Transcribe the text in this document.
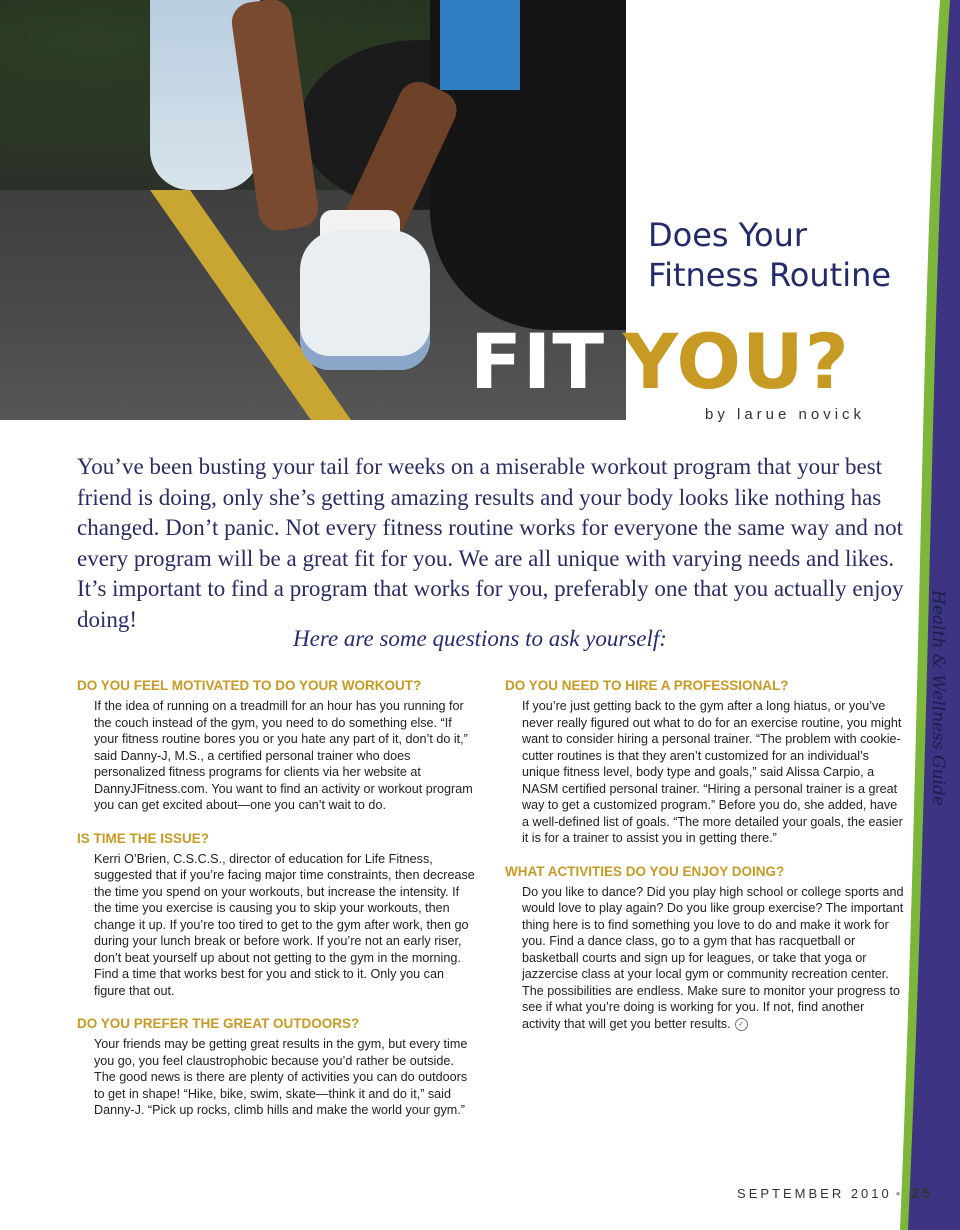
Does Your
Fitness Routine
FIT YOU?
by larue novick
You’ve been busting your tail for weeks on a miserable workout program that your best friend is doing, only she’s getting amazing results and your body looks like nothing has changed. Don’t panic. Not every fitness routine works for everyone the same way and not every program will be a great fit for you. We are all unique with varying needs and likes. It’s important to find a program that works for you, preferably one that you actually enjoy doing!
Here are some questions to ask yourself:
DO YOU FEEL MOTIVATED TO DO YOUR WORKOUT?

If the idea of running on a treadmill for an hour has you running for the couch instead of the gym, you need to do something else. “If your fitness routine bores you or you hate any part of it, don’t do it,” said Danny-J, M.S., a certified personal trainer who does personalized fitness programs for clients via her website at DannyJFitness.com. You want to find an activity or workout program you can get excited about—one you can’t wait to do.

IS TIME THE ISSUE?

Kerri O’Brien, C.S.C.S., director of education for Life Fitness, suggested that if you’re facing major time constraints, then decrease the time you spend on your workouts, but increase the intensity. If the time you exercise is causing you to skip your workouts, then change it up. If you’re too tired to get to the gym after work, then go during your lunch break or before work. If you’re not an early riser, don’t beat yourself up about not getting to the gym in the morning. Find a time that works best for you and stick to it. Only you can figure that out.

DO YOU PREFER THE GREAT OUTDOORS?

Your friends may be getting great results in the gym, but every time you go, you feel claustrophobic because you’d rather be outside. The good news is there are plenty of activities you can do outdoors to get in shape! “Hike, bike, swim, skate—think it and do it,” said Danny-J. “Pick up rocks, climb hills and make the world your gym.”

DO YOU NEED TO HIRE A PROFESSIONAL?

If you’re just getting back to the gym after a long hiatus, or you’ve never really figured out what to do for an exercise routine, you might want to consider hiring a personal trainer. “The problem with cookie-cutter routines is that they aren’t customized for an individual’s unique fitness level, body type and goals,” said Alissa Carpio, a NASM certified personal trainer. “Hiring a personal trainer is a great way to get a customized program.” Before you do, she added, have a well-defined list of goals. “The more detailed your goals, the easier it is for a trainer to assist you in getting there.”

WHAT ACTIVITIES DO YOU ENJOY DOING?

Do you like to dance? Did you play high school or college sports and would love to play again? Do you like group exercise? The important thing here is to find something you love to do and make it work for you. Find a dance class, go to a gym that has racquetball or basketball courts and sign up for leagues, or take that yoga or jazzercise class at your local gym or community recreation center. The possibilities are endless. Make sure to monitor your progress to see if what you’re doing is working for you. If not, find another activity that will get you better results. ✓

Health & Wellness Guide
SEPTEMBER 2010 • 25
